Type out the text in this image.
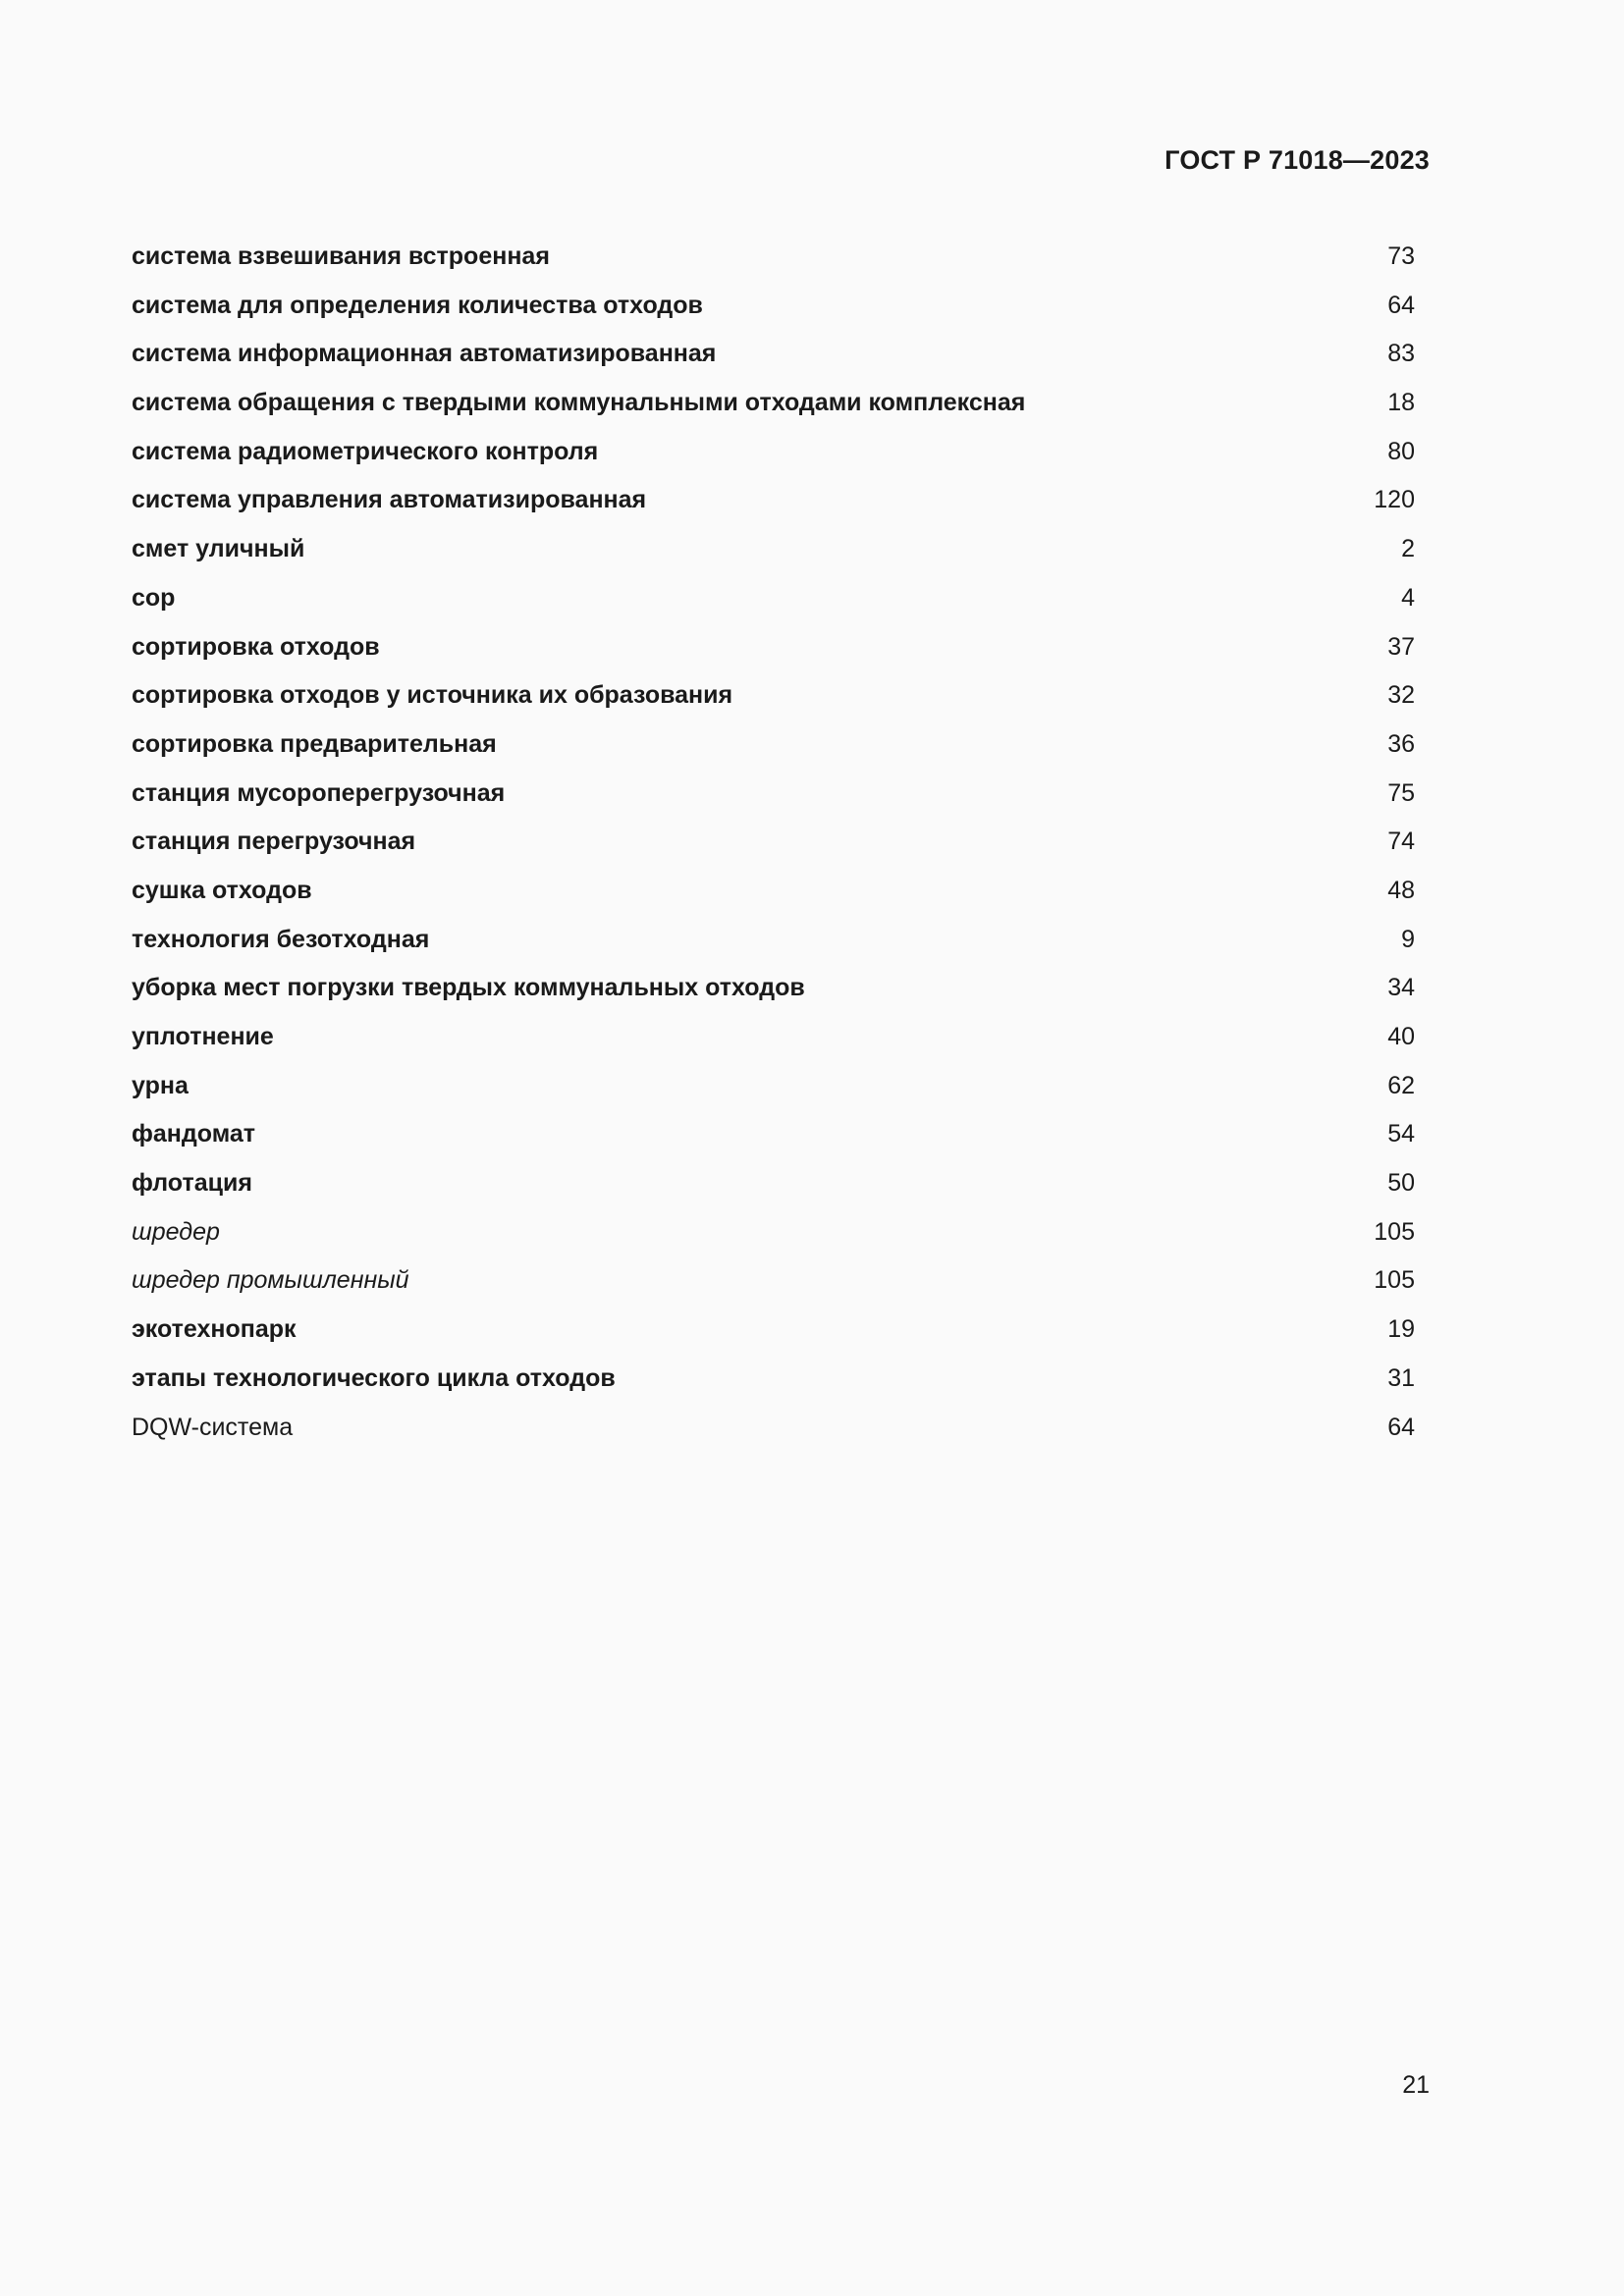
ГОСТ Р 71018—2023
система взвешивания встроенная	73
система для определения количества отходов	64
система информационная автоматизированная	83
система обращения с твердыми коммунальными отходами комплексная	18
система радиометрического контроля	80
система управления автоматизированная	120
смет уличный	2
сор	4
сортировка отходов	37
сортировка отходов у источника их образования	32
сортировка предварительная	36
станция мусороперегрузочная	75
станция перегрузочная	74
сушка отходов	48
технология безотходная	9
уборка мест погрузки твердых коммунальных отходов	34
уплотнение	40
урна	62
фандомат	54
флотация	50
шредер	105
шредер промышленный	105
экотехнопарк	19
этапы технологического цикла отходов	31
DQW-система	64
21
